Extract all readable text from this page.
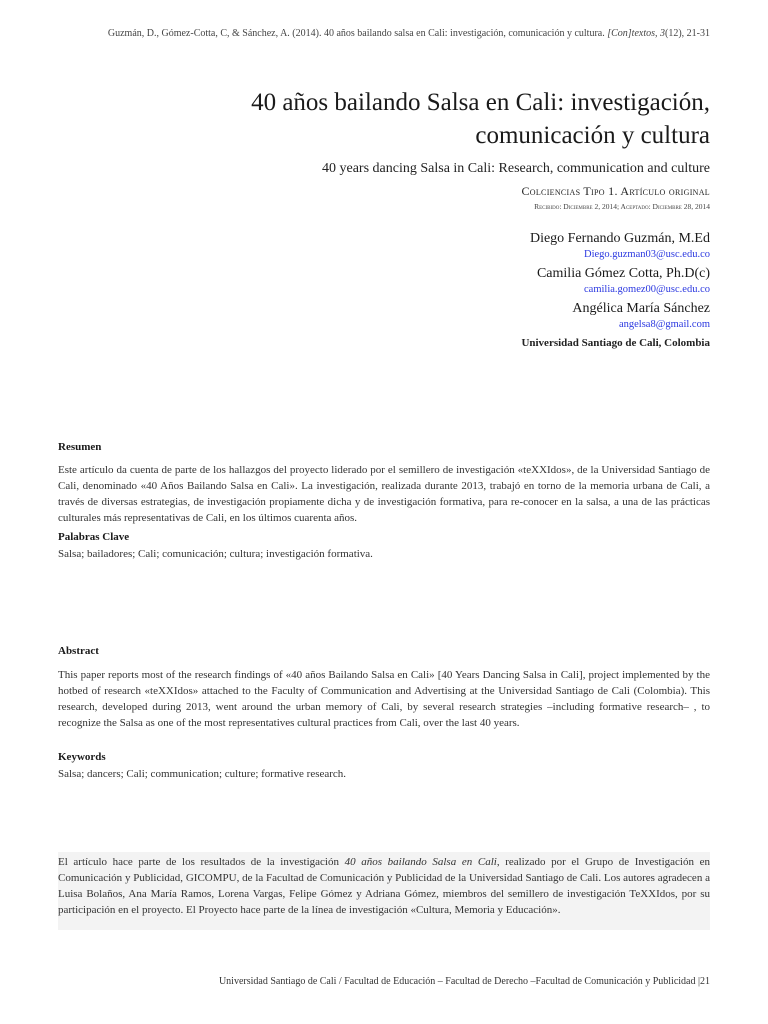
Guzmán, D., Gómez-Cotta, C, & Sánchez, A. (2014). 40 años bailando salsa en Cali: investigación, comunicación y cultura. [Con]textos, 3(12), 21-31
40 años bailando Salsa en Cali: investigación,
comunicación y cultura
40 years dancing Salsa in Cali: Research, communication and culture
Colciencias Tipo 1. Artículo original
Recibido: Diciembre 2, 2014; Aceptado: Diciembre 28, 2014
Diego Fernando Guzmán, M.Ed
Diego.guzman03@usc.edu.co
Camilia Gómez Cotta, Ph.D(c)
camilia.gomez00@usc.edu.co
Angélica María Sánchez
angelsa8@gmail.com
Universidad Santiago de Cali, Colombia
Resumen
Este artículo da cuenta de parte de los hallazgos del proyecto liderado por el semillero de investigación «teXXIdos», de la Universidad Santiago de Cali, denominado «40 Años Bailando Salsa en Cali». La investigación, realizada durante 2013, trabajó en torno de la memoria urbana de Cali, a través de diversas estrategias, de investigación propiamente dicha y de investigación formativa, para re-conocer en la salsa, a una de las prácticas culturales más representativas de Cali, en los últimos cuarenta años.
Palabras Clave
Salsa; bailadores; Cali; comunicación; cultura; investigación formativa.
Abstract
This paper reports most of the research findings of «40 años Bailando Salsa en Cali» [40 Years Dancing Salsa in Cali], project implemented by the hotbed of research «teXXIdos» attached to the Faculty of Communication and Advertising at the Universidad Santiago de Cali (Colombia). This research, developed during 2013, went around the urban memory of Cali, by several research strategies –including formative research– , to recognize the Salsa as one of the most representatives cultural practices from Cali, over the last 40 years.
Keywords
Salsa; dancers; Cali; communication; culture; formative research.
El artículo hace parte de los resultados de la investigación 40 años bailando Salsa en Cali, realizado por el Grupo de Investigación en Comunicación y Publicidad, GICOMPU, de la Facultad de Comunicación y Publicidad de la Universidad Santiago de Cali. Los autores agradecen a Luisa Bolaños, Ana María Ramos, Lorena Vargas, Felipe Gómez y Adriana Gómez, miembros del semillero de investigación TeXXIdos, por su participación en el proyecto. El Proyecto hace parte de la línea de investigación «Cultura, Memoria y Educación».
Universidad Santiago de Cali / Facultad de Educación – Facultad de Derecho –Facultad de Comunicación y Publicidad |21
